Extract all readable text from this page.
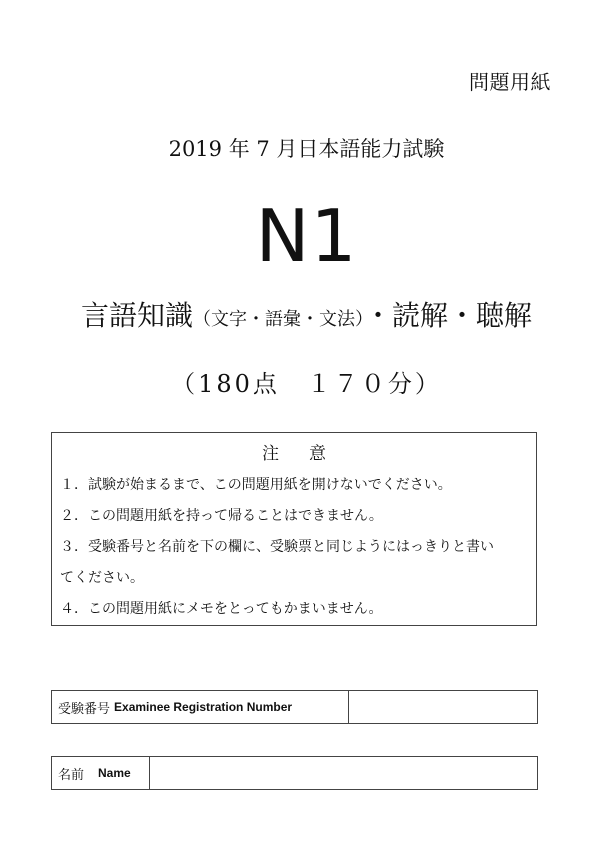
問題用紙
2019 年 7 月日本語能力試験
N1
言語知識（文字・語彙・文法）・読解・聴解
（180点　１７０分）
注意
１．試験が始まるまで、この問題用紙を開けないでください。
２．この問題用紙を持って帰ることはできません。
３．受験番号と名前を下の欄に、受験票と同じようにはっきりと書い
てください。
４．この問題用紙にメモをとってもかまいません。
受験番号 Examinee Registration Number
名前 Name
